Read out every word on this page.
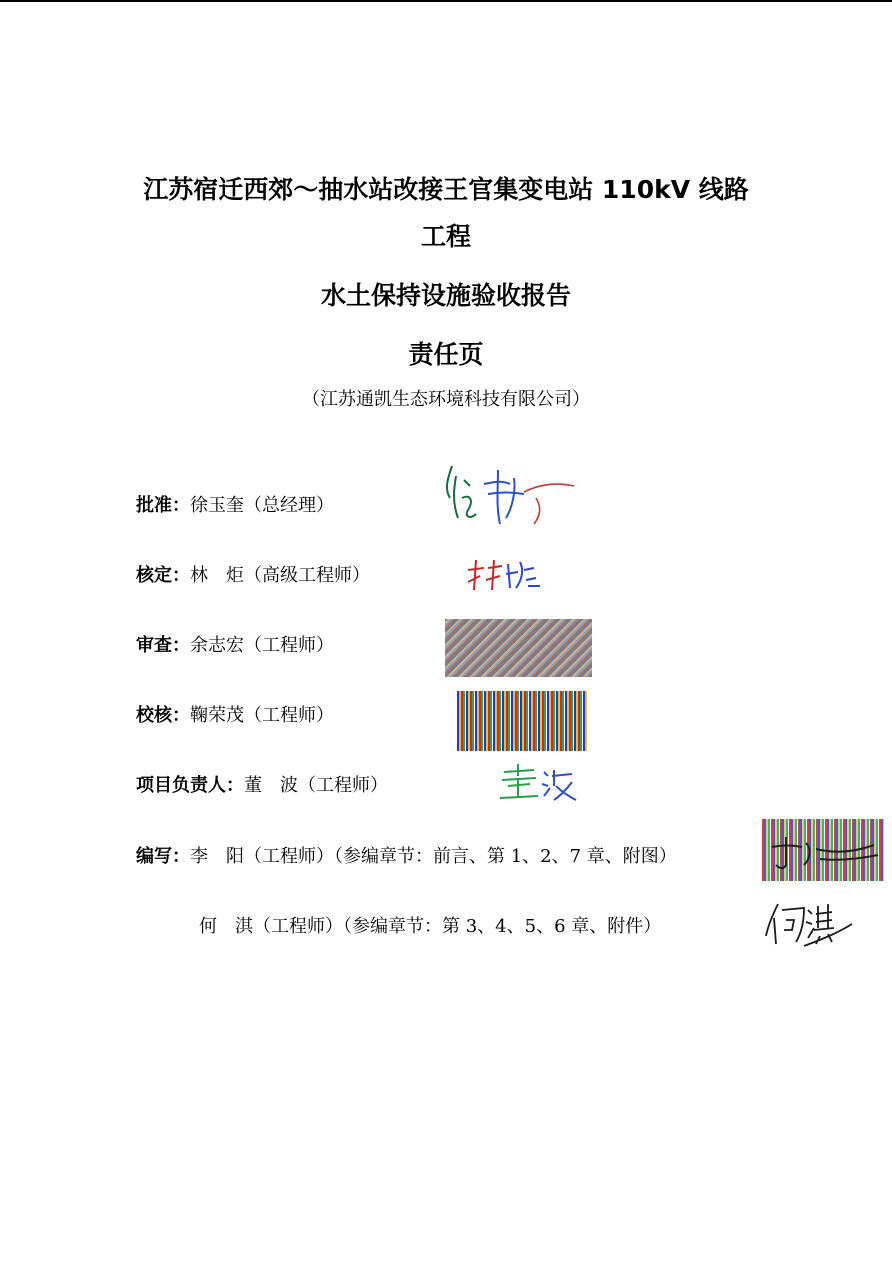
江苏宿迁西郊～抽水站改接王官集变电站 110kV 线路
工程
水土保持设施验收报告
责任页
（江苏通凯生态环境科技有限公司）
批准：徐玉奎（总经理）
核定：林　炬（高级工程师）
审查：余志宏（工程师）
校核：鞠荣茂（工程师）
项目负责人：董　波（工程师）
编写：李　阳（工程师）（参编章节：前言、第 1、2、7 章、附图）
何　淇（工程师）（参编章节：第 3、4、5、6 章、附件）
